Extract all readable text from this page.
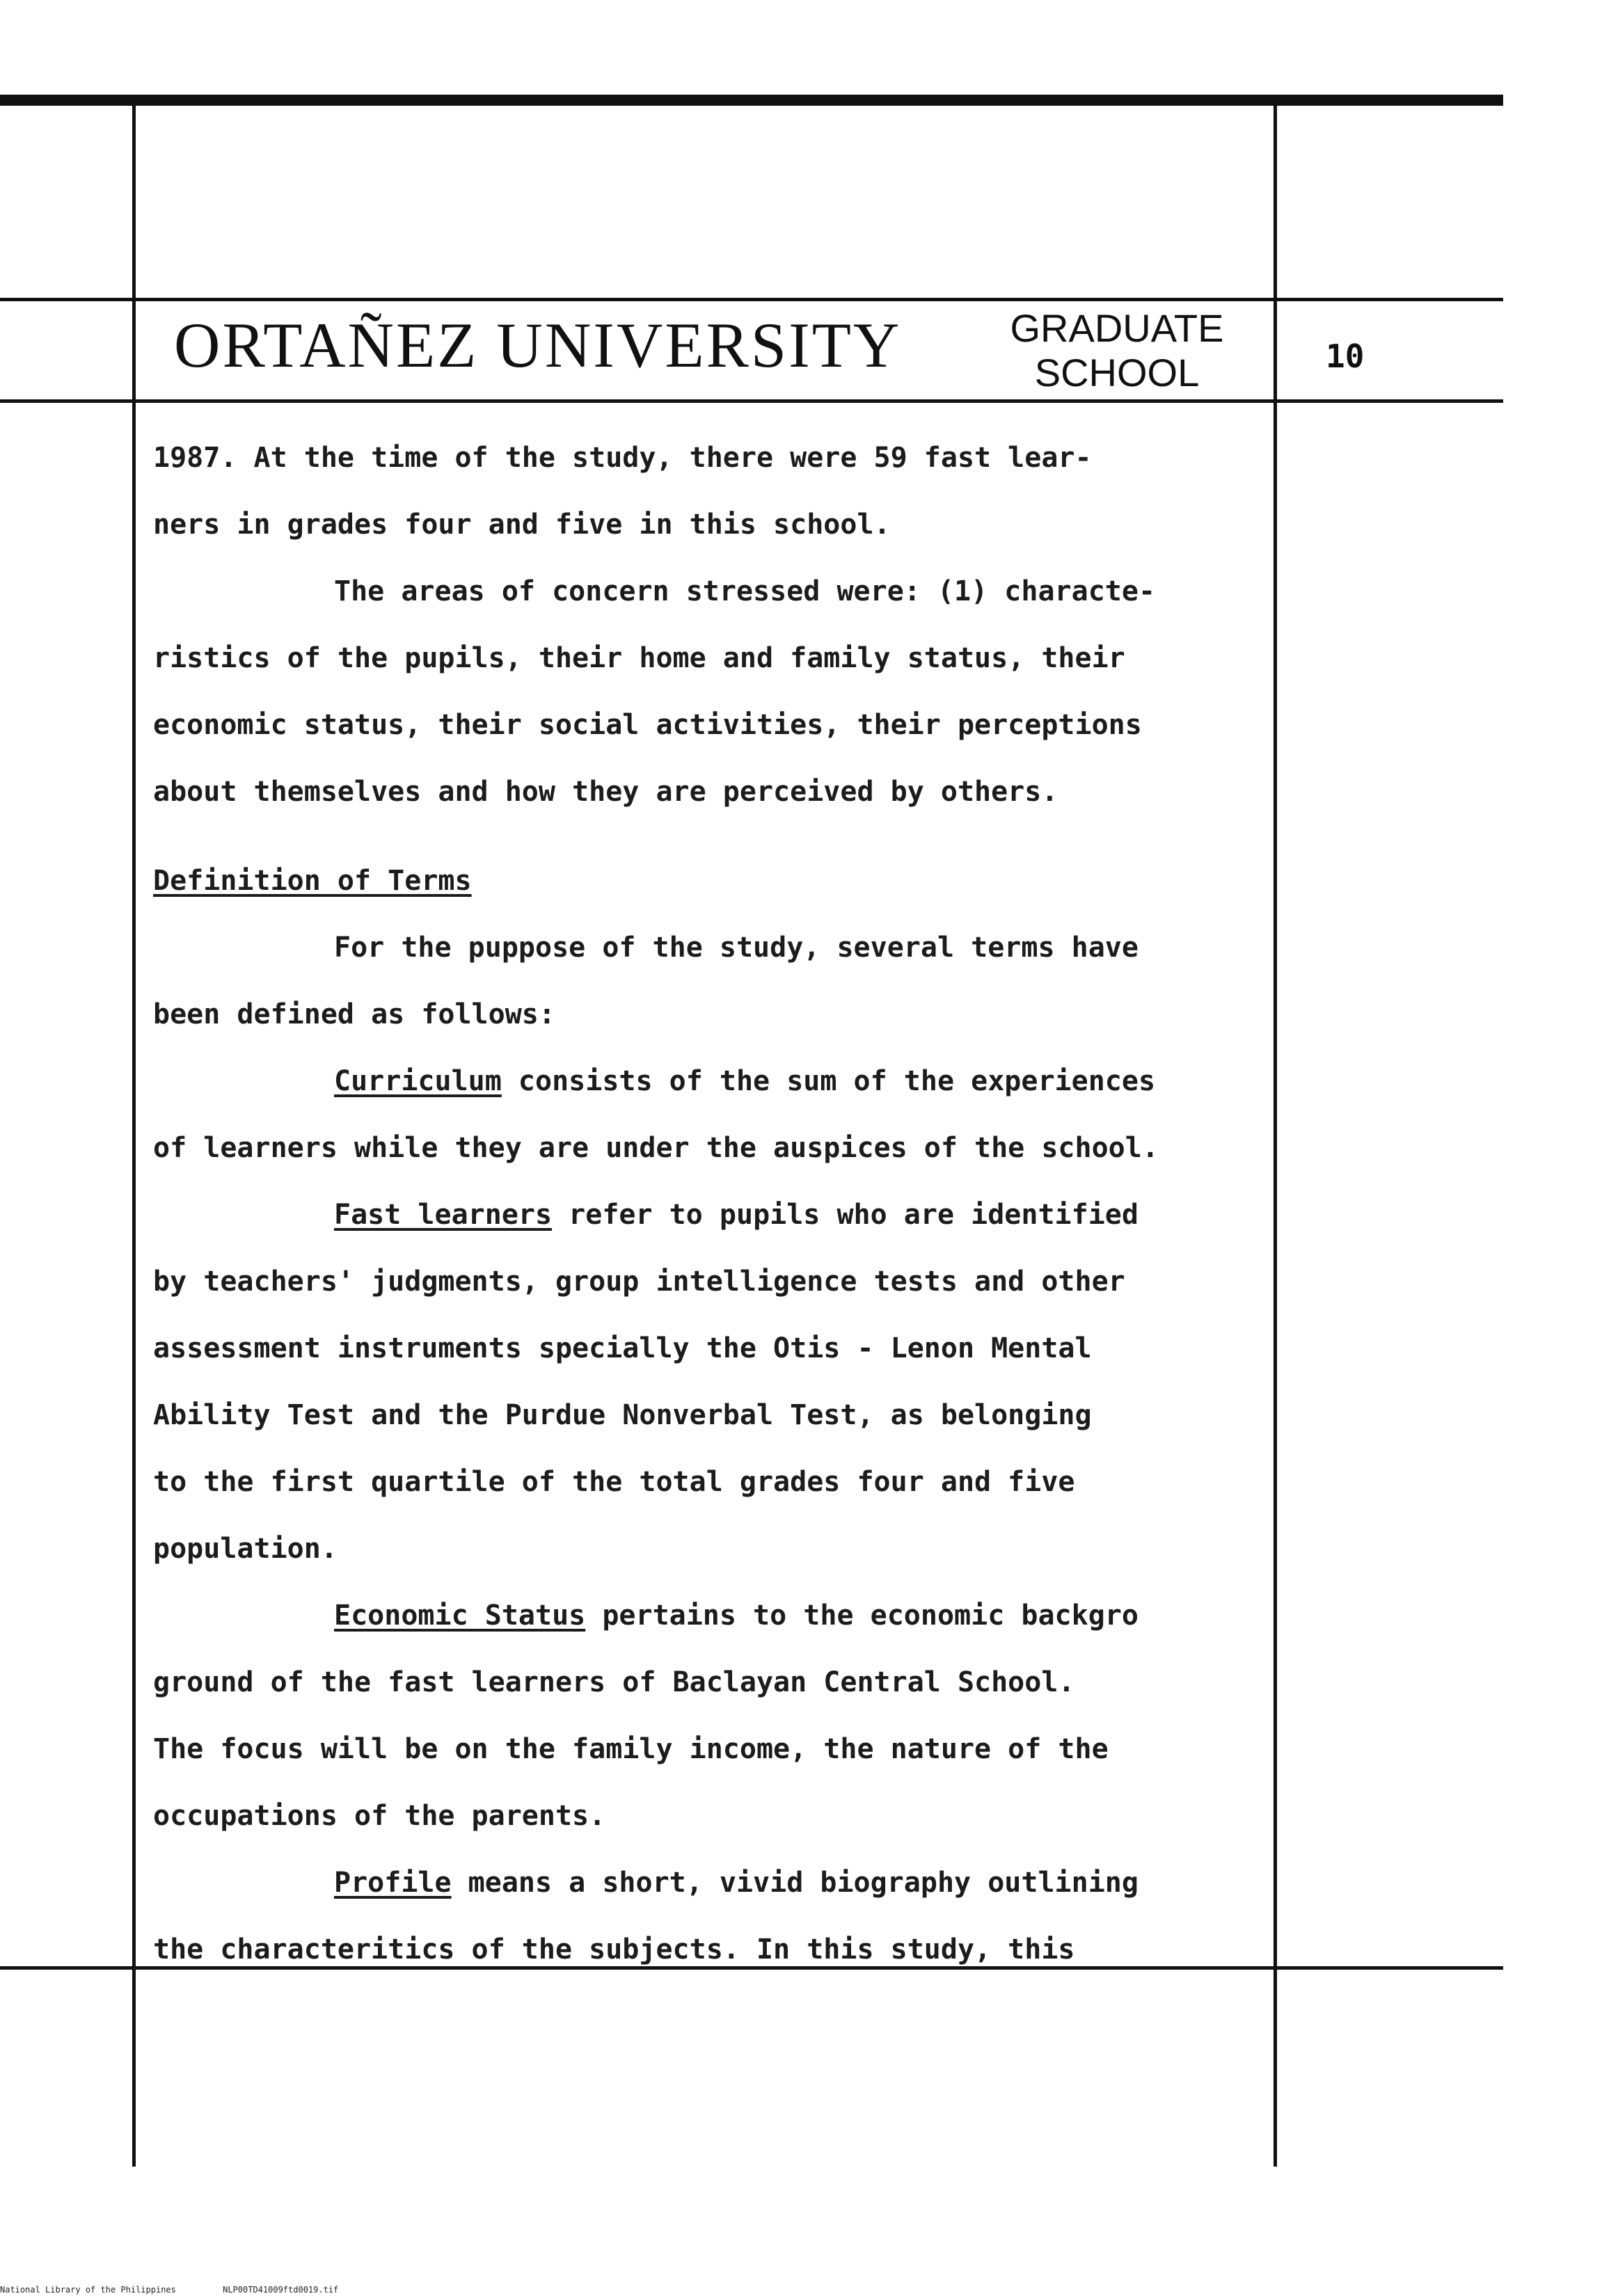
ORTAÑEZ UNIVERSITY	GRADUATE
SCHOOL	10
1987. At the time of the study, there were 59 fast lear-
ners in grades four and five in this school.
The areas of concern stressed were: (1) characte-
ristics of the pupils, their home and family status, their
economic status, their social activities, their perceptions
about themselves and how they are perceived by others.
Definition of Terms
For the puppose of the study, several terms have
been defined as follows:
Curriculum consists of the sum of the experiences
of learners while they are under the auspices of the school.
Fast learners refer to pupils who are identified
by teachers' judgments, group intelligence tests and other
assessment instruments specially the Otis - Lenon Mental
Ability Test and the Purdue Nonverbal Test, as belonging
to the first quartile of the total grades four and five
population.
Economic Status pertains to the economic backgro
ground of the fast learners of Baclayan Central School.
The focus will be on the family income, the nature of the
occupations of the parents.
Profile means a short, vivid biography outlining
the characteritics of the subjects. In this study, this
National Library of the Philippines	NLP00TD41009ftd0019.tif
